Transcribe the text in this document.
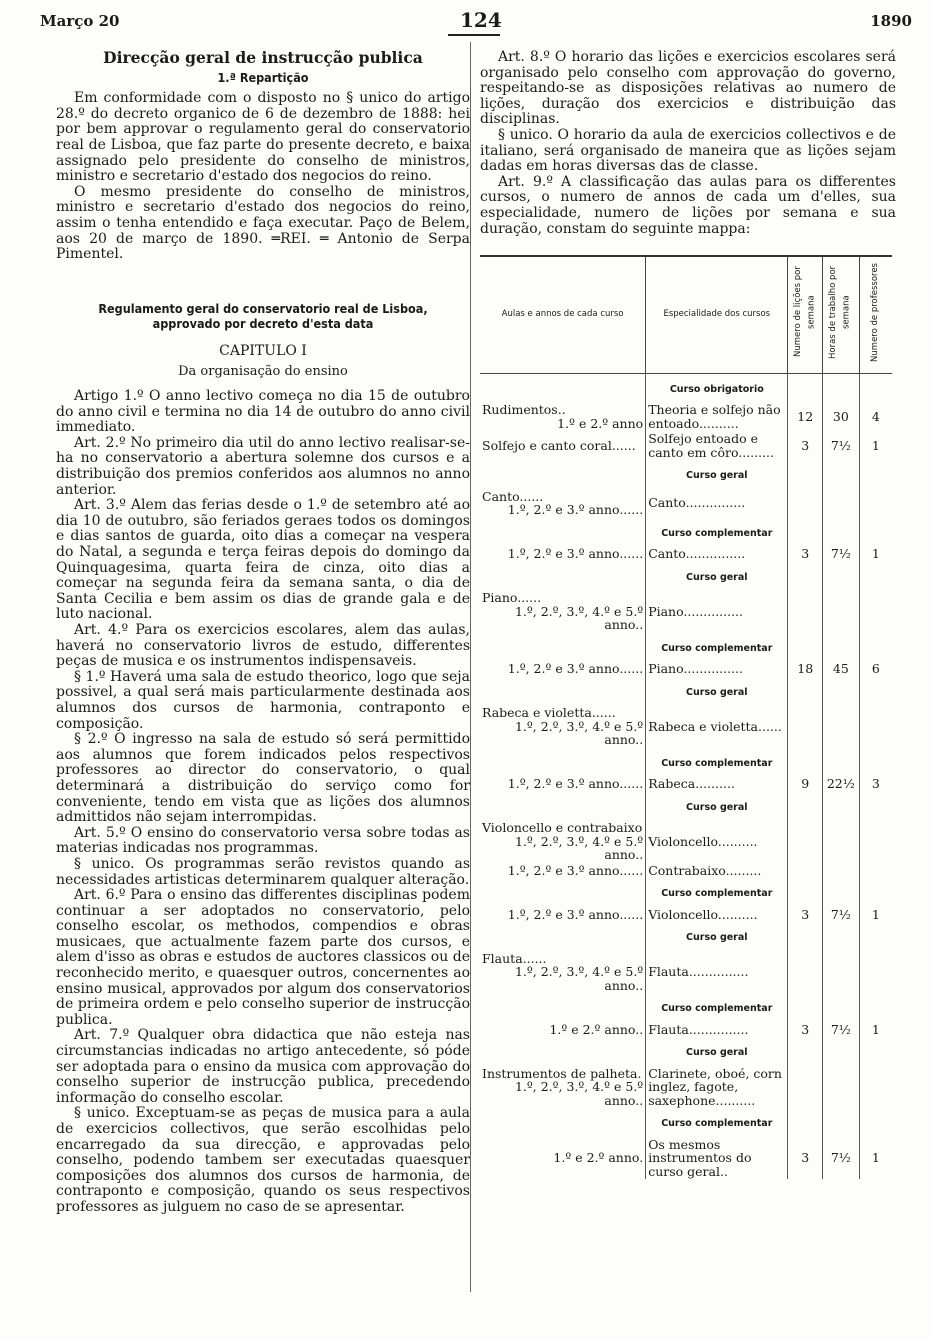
Março 20	124	1890

Direcção geral de instrucção publica

1.ª Repartição

Em conformidade com o disposto no § unico do artigo 28.º do decreto organico de 6 de dezembro de 1888: hei por bem approvar o regulamento geral do conservatorio real de Lisboa, que faz parte do presente decreto, e baixa assignado pelo presidente do conselho de ministros, ministro e secretario d'estado dos negocios do reino.

O mesmo presidente do conselho de ministros, ministro e secretario d'estado dos negocios do reino, assim o tenha entendido e faça executar. Paço de Belem, aos 20 de março de 1890. ═REI. ═ Antonio de Serpa Pimentel.

Regulamento geral do conservatorio real de Lisboa, approvado por decreto d'esta data

CAPITULO I

Da organisação do ensino

Artigo 1.º O anno lectivo começa no dia 15 de outubro do anno civil e termina no dia 14 de outubro do anno civil immediato.

Art. 2.º No primeiro dia util do anno lectivo realisar-se-ha no conservatorio a abertura solemne dos cursos e a distribuição dos premios conferidos aos alumnos no anno anterior.

Art. 3.º Alem das ferias desde o 1.º de setembro até ao dia 10 de outubro, são feriados geraes todos os domingos e dias santos de guarda, oito dias a começar na vespera do Natal, a segunda e terça feiras depois do domingo da Quinquagesima, quarta feira de cinza, oito dias a começar na segunda feira da semana santa, o dia de Santa Cecilia e bem assim os dias de grande gala e de luto nacional.

Art. 4.º Para os exercicios escolares, alem das aulas, haverá no conservatorio livros de estudo, differentes peças de musica e os instrumentos indispensaveis.

§ 1.º Haverá uma sala de estudo theorico, logo que seja possivel, a qual será mais particularmente destinada aos alumnos dos cursos de harmonia, contraponto e composição.

§ 2.º O ingresso na sala de estudo só será permittido aos alumnos que forem indicados pelos respectivos professores ao director do conservatorio, o qual determinará a distribuição do serviço como for conveniente, tendo em vista que as lições dos alumnos admittidos não sejam interrompidas.

Art. 5.º O ensino do conservatorio versa sobre todas as materias indicadas nos programmas.

§ unico. Os programmas serão revistos quando as necessidades artisticas determinarem qualquer alteração.

Art. 6.º Para o ensino das differentes disciplinas podem continuar a ser adoptados no conservatorio, pelo conselho escolar, os methodos, compendios e obras musicaes, que actualmente fazem parte dos cursos, e alem d'isso as obras e estudos de auctores classicos ou de reconhecido merito, e quaesquer outros, concernentes ao ensino musical, approvados por algum dos conservatorios de primeira ordem e pelo conselho superior de instrucção publica.

Art. 7.º Qualquer obra didactica que não esteja nas circumstancias indicadas no artigo antecedente, só póde ser adoptada para o ensino da musica com approvação do conselho superior de instrucção publica, precedendo informação do conselho escolar.

§ unico. Exceptuam-se as peças de musica para a aula de exercicios collectivos, que serão escolhidas pelo encarregado da sua direcção, e approvadas pelo conselho, podendo tambem ser executadas quaesquer composições dos alumnos dos cursos de harmonia, de contraponto e composição, quando os seus respectivos professores as julguem no caso de se apresentar.

Art. 8.º O horario das lições e exercicios escolares será organisado pelo conselho com approvação do governo, respeitando-se as disposições relativas ao numero de lições, duração dos exercicios e distribuição das disciplinas.

§ unico. O horario da aula de exercicios collectivos e de italiano, será organisado de maneira que as lições sejam dadas em horas diversas das de classe.

Art. 9.º A classificação das aulas para os differentes cursos, o numero de annos de cada um d'elles, sua especialidade, numero de lições por semana e sua duração, constam do seguinte mappa:

Aulas e annos de cada curso	Especialidade dos cursos	Numero de lições por semana	Horas de trabalho por semana	Numero de professores
	Curso obrigatorio			
Rudimentos..
1.º e 2.º anno	Theoria e solfejo não entoado..........	12	30	4
Solfejo e canto coral......	Solfejo entoado e canto em côro.........	3	7½	1
	Curso geral			
Canto......
1.º, 2.º e 3.º anno......	Canto...............			
	Curso complementar			

1.º, 2.º e 3.º anno......	Canto...............	3	7½	1
	Curso geral			
Piano......
1.º, 2.º, 3.º, 4.º e 5.º anno..	Piano...............			
	Curso complementar			

1.º, 2.º e 3.º anno......	Piano...............	18	45	6
	Curso geral			
Rabeca e violetta......
1.º, 2.º, 3.º, 4.º e 5.º anno..	Rabeca e violetta......			
	Curso complementar			

1.º, 2.º e 3.º anno......	Rabeca..........	9	22½	3
	Curso geral			
Violoncello e contrabaixo
1.º, 2.º, 3.º, 4.º e 5.º anno..	Violoncello..........			

1.º, 2.º e 3.º anno......	Contrabaixo.........			
	Curso complementar			

1.º, 2.º e 3.º anno......	Violoncello..........	3	7½	1
	Curso geral			
Flauta......
1.º, 2.º, 3.º, 4.º e 5.º anno..	Flauta...............			
	Curso complementar			

1.º e 2.º anno..	Flauta...............	3	7½	1
	Curso geral			
Instrumentos de palheta.
1.º, 2.º, 3.º, 4.º e 5.º anno..	Clarinete, oboé, corn inglez, fagote, saxephone..........			
	Curso complementar			

1.º e 2.º anno.	Os mesmos instrumentos do curso geral..	3	7½	1
